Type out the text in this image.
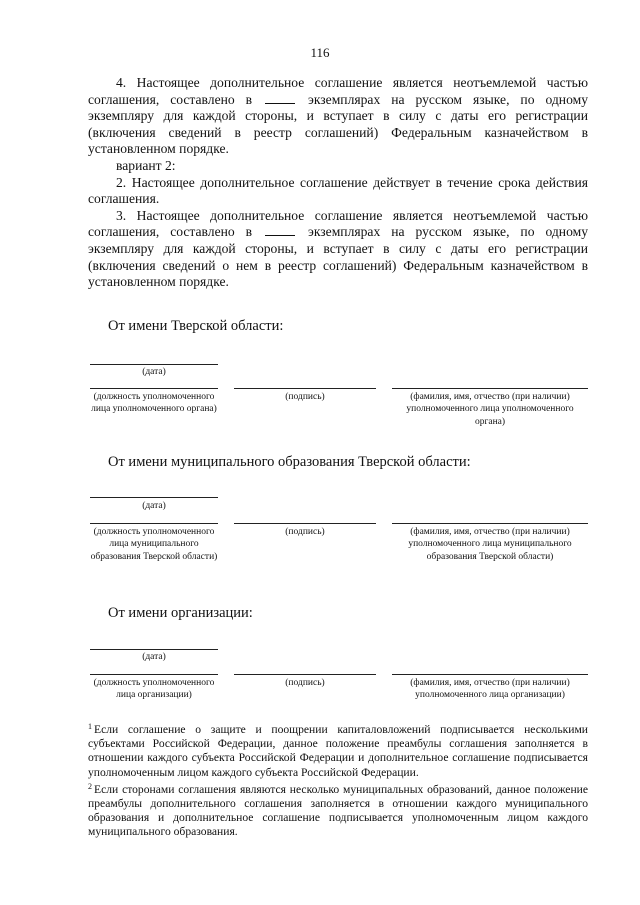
116

4. Настоящее дополнительное соглашение является неотъемлемой частью соглашения, составлено в	экземплярах на русском языке, по одному экземпляру для каждой стороны, и вступает в силу с даты его регистрации (включения сведений в реестр соглашений) Федеральным казначейством в установленном порядке.

вариант 2:

2. Настоящее дополнительное соглашение действует в течение срока действия соглашения.

3. Настоящее дополнительное соглашение является неотъемлемой частью соглашения, составлено в	экземплярах на русском языке, по одному экземпляру для каждой стороны, и вступает в силу с даты его регистрации (включения сведений о нем в реестр соглашений) Федеральным казначейством в установленном порядке.

От имени Тверской области:
(дата)
(должность уполномоченного лица уполномоченного органа)
(подпись)	(фамилия, имя, отчество (при наличии) уполномоченного лица уполномоченного органа)
От имени муниципального образования Тверской области:
(дата)
(должность уполномоченного лица муниципального образования Тверской области)
(подпись)	(фамилия, имя, отчество (при наличии) уполномоченного лица муниципального образования Тверской области)
От имени организации:
(дата)
(должность уполномоченного лица организации)
(подпись)	(фамилия, имя, отчество (при наличии) уполномоченного лица организации)

$^1$ Если соглашение о защите и поощрении капиталовложений подписывается несколькими субъектами Российской Федерации, данное положение преамбулы соглашения заполняется в отношении каждого субъекта Российской Федерации и дополнительное соглашение подписывается уполномоченным лицом каждого субъекта Российской Федерации.

$^2$ Если сторонами соглашения являются несколько муниципальных образований, данное положение преамбулы дополнительного соглашения заполняется в отношении каждого муниципального образования и дополнительное соглашение подписывается уполномоченным лицом каждого муниципального образования.
